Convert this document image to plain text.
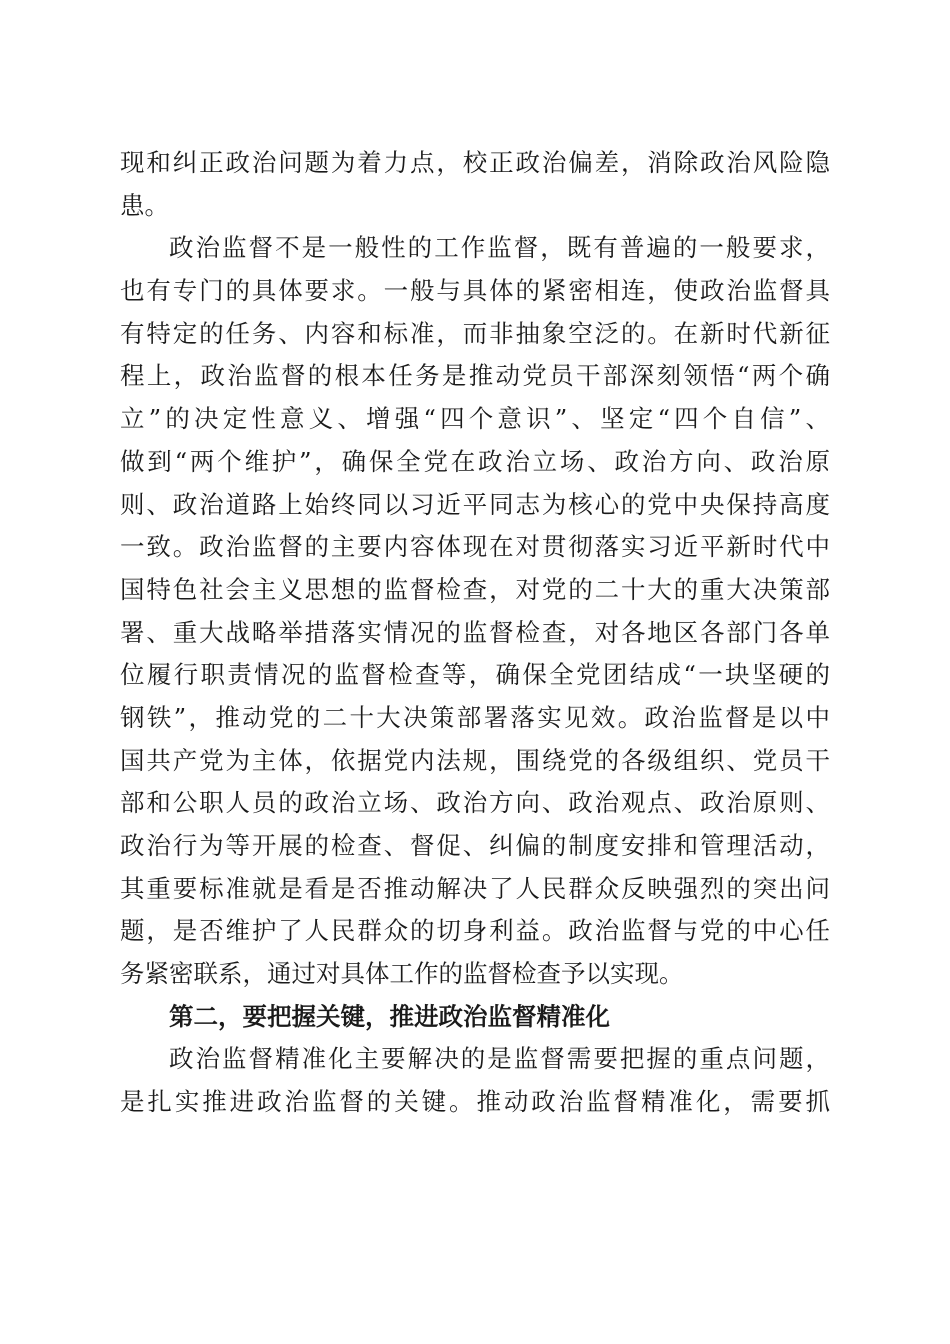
现和纠正政治问题为着力点，校正政治偏差，消除政治风险隐
患。
政治监督不是一般性的工作监督，既有普遍的一般要求，
也有专门的具体要求。一般与具体的紧密相连，使政治监督具
有特定的任务、内容和标准，而非抽象空泛的。在新时代新征
程上，政治监督的根本任务是推动党员干部深刻领悟“两个确
立”的决定性意义、增强“四个意识”、坚定“四个自信”、
做到“两个维护”，确保全党在政治立场、政治方向、政治原
则、政治道路上始终同以习近平同志为核心的党中央保持高度
一致。政治监督的主要内容体现在对贯彻落实习近平新时代中
国特色社会主义思想的监督检查，对党的二十大的重大决策部
署、重大战略举措落实情况的监督检查，对各地区各部门各单
位履行职责情况的监督检查等，确保全党团结成“一块坚硬的
钢铁”，推动党的二十大决策部署落实见效。政治监督是以中
国共产党为主体，依据党内法规，围绕党的各级组织、党员干
部和公职人员的政治立场、政治方向、政治观点、政治原则、
政治行为等开展的检查、督促、纠偏的制度安排和管理活动，
其重要标准就是看是否推动解决了人民群众反映强烈的突出问
题，是否维护了人民群众的切身利益。政治监督与党的中心任
务紧密联系，通过对具体工作的监督检查予以实现。
第二，要把握关键，推进政治监督精准化
政治监督精准化主要解决的是监督需要把握的重点问题，
是扎实推进政治监督的关键。推动政治监督精准化，需要抓
